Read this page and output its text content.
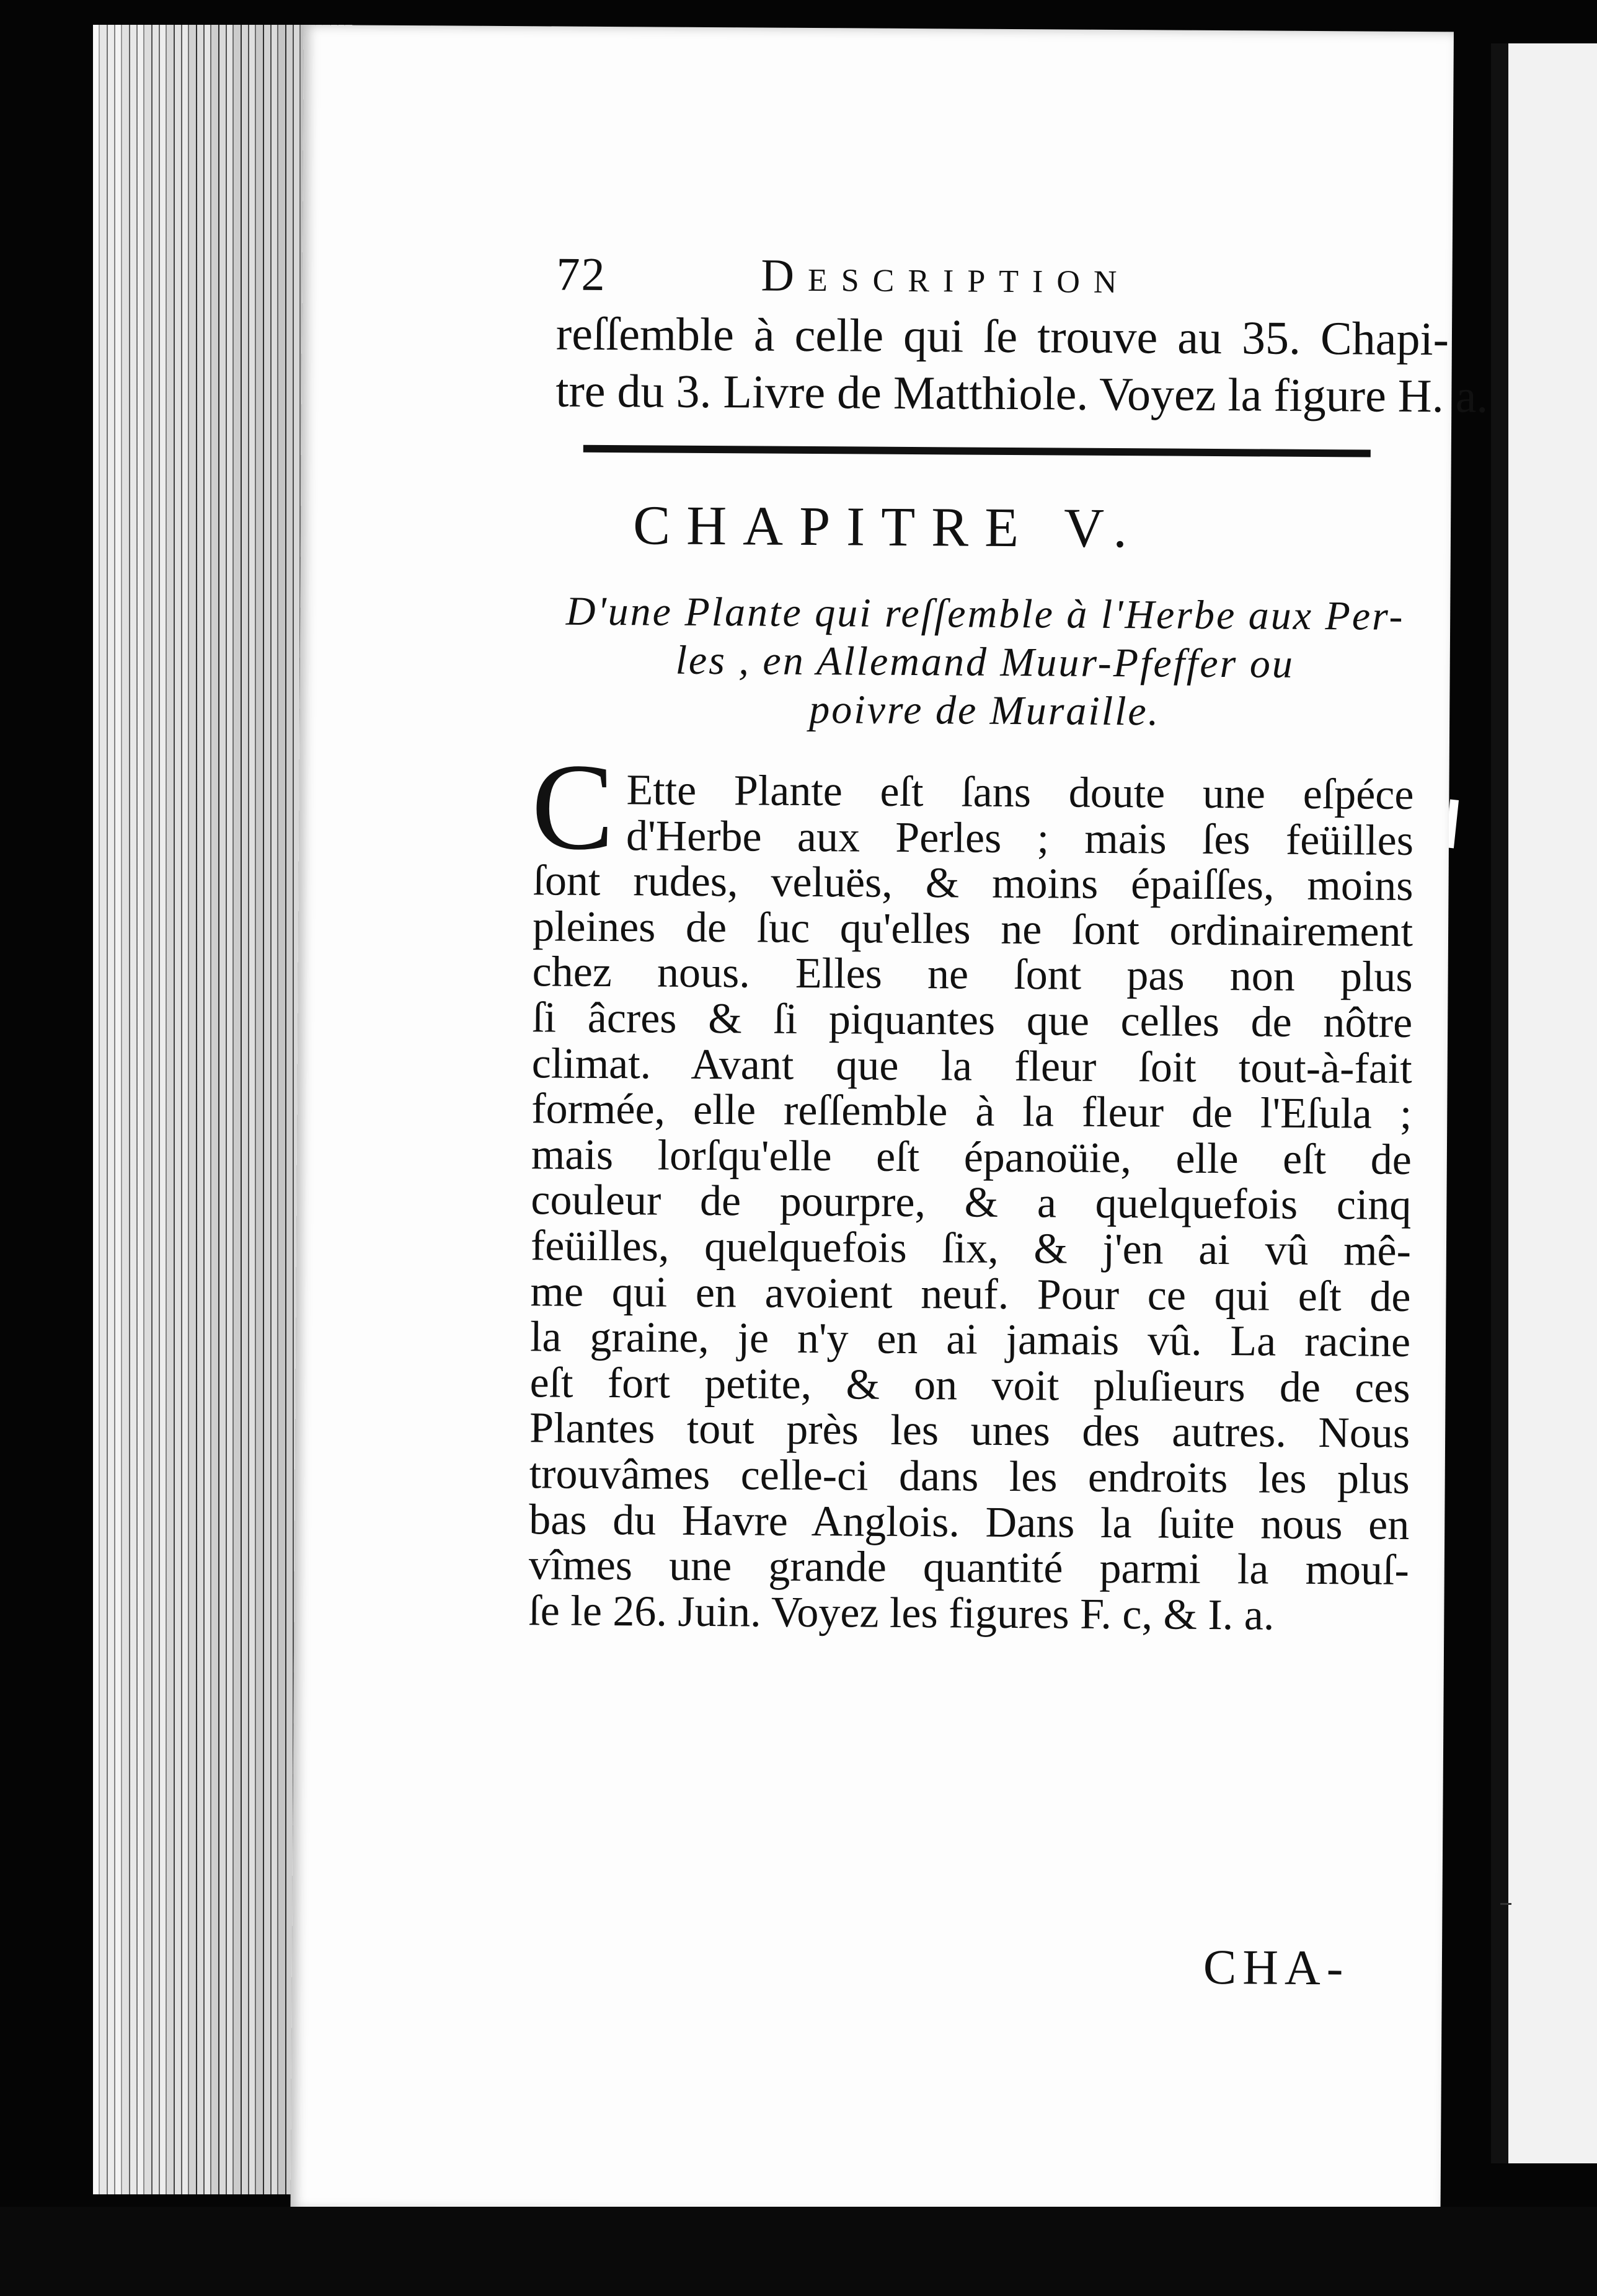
72	Description
reſſemble à celle qui ſe trouve au 35. Chapi-
tre du 3. Livre de Matthiole. Voyez la figure H. a.
CHAPITRE V.
D'une Plante qui reſſemble à l'Herbe aux Per-
les , en Allemand Muur-Pfeffer ou
poivre de Muraille.
C Ette Plante eſt ſans doute une eſpéce
d'Herbe aux Perles ; mais ſes feüilles
ſont rudes, veluës, & moins épaiſſes, moins
pleines de ſuc qu'elles ne ſont ordinairement
chez nous. Elles ne ſont pas non plus
ſi âcres & ſi piquantes que celles de nôtre
climat. Avant que la fleur ſoit tout-à-fait
formée, elle reſſemble à la fleur de l'Eſula ;
mais lorſqu'elle eſt épanoüie, elle eſt de
couleur de pourpre, & a quelquefois cinq
feüilles, quelquefois ſix, & j'en ai vû mê-
me qui en avoient neuf. Pour ce qui eſt de
la graine, je n'y en ai jamais vû. La racine
eſt fort petite, & on voit pluſieurs de ces
Plantes tout près les unes des autres. Nous
trouvâmes celle-ci dans les endroits les plus
bas du Havre Anglois. Dans la ſuite nous en
vîmes une grande quantité parmi la mouſ-
ſe le 26. Juin. Voyez les figures F. c, & I. a.
CHA-
